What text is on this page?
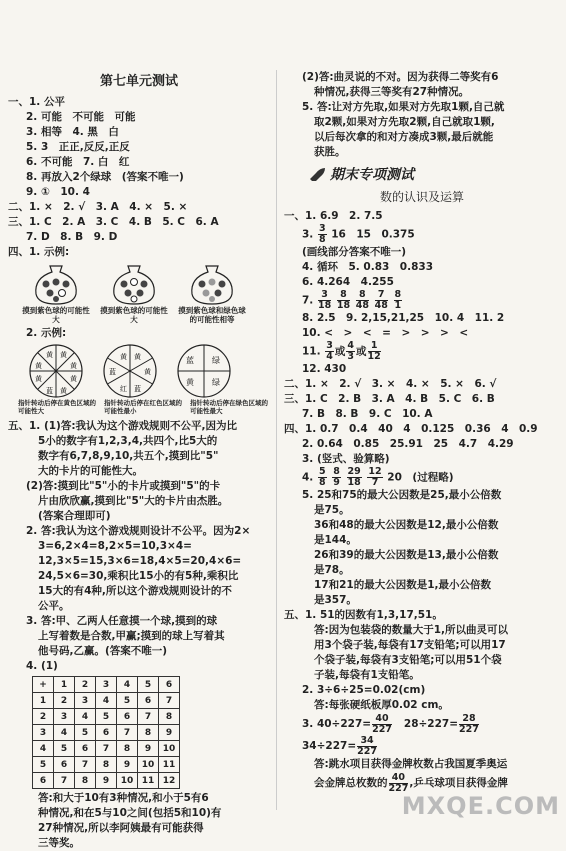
第七单元测试
一、1. 公平
2. 可能　不可能　可能
3. 相等　4. 黑　白
5. 3　正正,反反,正反
6. 不可能　7. 白　红
8. 再放入2个绿球　(答案不唯一)
9. ①　10. 4
二、1. ×　2. √　3. A　4. ×　5. ×
三、1. C　2. A　3. C　4. B　5. C　6. A
7. D　8. B　9. D
四、1. 示例:
摸到紫色球的可能性大
摸到紫色球的可能性大
摸到紫色球和绿色球的可能性相等
2. 示例:
黄
黄
黄
黄
蓝
黄
黄
黄	黄
黄
蓝
红
蓝
黄	蓝 绿
黄 绿
指针转动后停在黄色区域的可能性大
指针转动后停在红色区域的可能性最小
指针转动后停在绿色区域的可能性最大
五、1. (1)答:我认为这个游戏规则不公平,因为比
5小的数字有1,2,3,4,共四个,比5大的
数字有6,7,8,9,10,共五个,摸到比"5"
大的卡片的可能性大。
(2)答:摸到比"5"小的卡片或摸到"5"的卡
片由欣欣赢,摸到比"5"大的卡片由杰胜。
(答案合理即可)
2. 答:我认为这个游戏规则设计不公平。因为2×
3=6,2×4=8,2×5=10,3×4=
12,3×5=15,3×6=18,4×5=20,4×6=
24,5×6=30,乘积比15小的有5种,乘积比
15大的有4种,所以这个游戏规则设计的不
公平。
3. 答:甲、乙两人任意摸一个球,摸到的球
上写着数是合数,甲赢;摸到的球上写着其
他号码,乙赢。(答案不唯一)
4. (1)
+	1	2	3	4	5	6
1	2	3	4	5	6	7
2	3	4	5	6	7	8
3	4	5	6	7	8	9
4	5	6	7	8	9	10
5	6	7	8	9	10	11
6	7	8	9	10	11	12
答:和大于10有3种情况,和小于5有6
种情况,和在5与10之间(包括5和10)有
27种情况,所以李阿姨最有可能获得
三等奖。
(2)答:曲灵说的不对。因为获得二等奖有6
种情况,获得三等奖有27种情况。
5. 答:让对方先取,如果对方先取1颗,自己就
取2颗,如果对方先取2颗,自己就取1颗,
以后每次拿的和对方凑成3颗,最后就能
获胜。
期末专项测试
数的认识及运算
一、1. 6.9　2. 7.5
3. $\frac{3}{8} 16$　15　0.375
(画线部分答案不唯一)
4. 循环　5. 0.83　0.833
6. 4.264　4.255
7. $\frac{3}{18}$
$\frac{8}{18}$
$\frac{8}{48}$
$\frac{7}{48}$
$\frac{8}{1}$
8. 2.5　9. 2,15,21,25　10. 4　11. 2
10. <　>　<　=　>　>　>　<
11. $\frac{3}{4}$ 或 $\frac{4}{3}$ 或 $\frac{1}{12}$
12. 430
二、1. ×　2. √　3. ×　4. ×　5. ×　6. √
三、1. C　2. B　3. A　4. B　5. C　6. B
7. B　8. B　9. C　10. A
四、1. 0.7　0.4　40　4　0.125　0.36　4　0.9
2. 0.64　0.85　25.91　25　4.7　4.29
3. (竖式、验算略)
4. $\frac{5}{8}$
$\frac{8}{9}$
$\frac{29}{18}$
$\frac{12}{7} 20$　(过程略)
5. 25和75的最大公因数是25,最小公倍数
是75。
36和48的最大公因数是12,最小公倍数
是144。
26和39的最大公因数是13,最小公倍数
是78。
17和21的最大公因数是1,最小公倍数
是357。
五、1. 51的因数有1,3,17,51。
答:因为包装袋的数量大于1,所以曲灵可以
用3个袋子装,每袋有17支铅笔;可以用17
个袋子装,每袋有3支铅笔;可以用51个袋
子装,每袋有1支铅笔。
2. 3÷6÷25=0.02(cm)
答:每张硬纸板厚0.02 cm。
3. $40\div 227= \frac{40}{227} 28\div 227= \frac{28}{227}$
$34\div 227= \frac{34}{227}$
答:跳水项目获得金牌枚数占我国夏季奥运
会金牌总枚数的 $\frac{40}{227}$ ,乒乓球项目获得金牌
MXQE.COM
